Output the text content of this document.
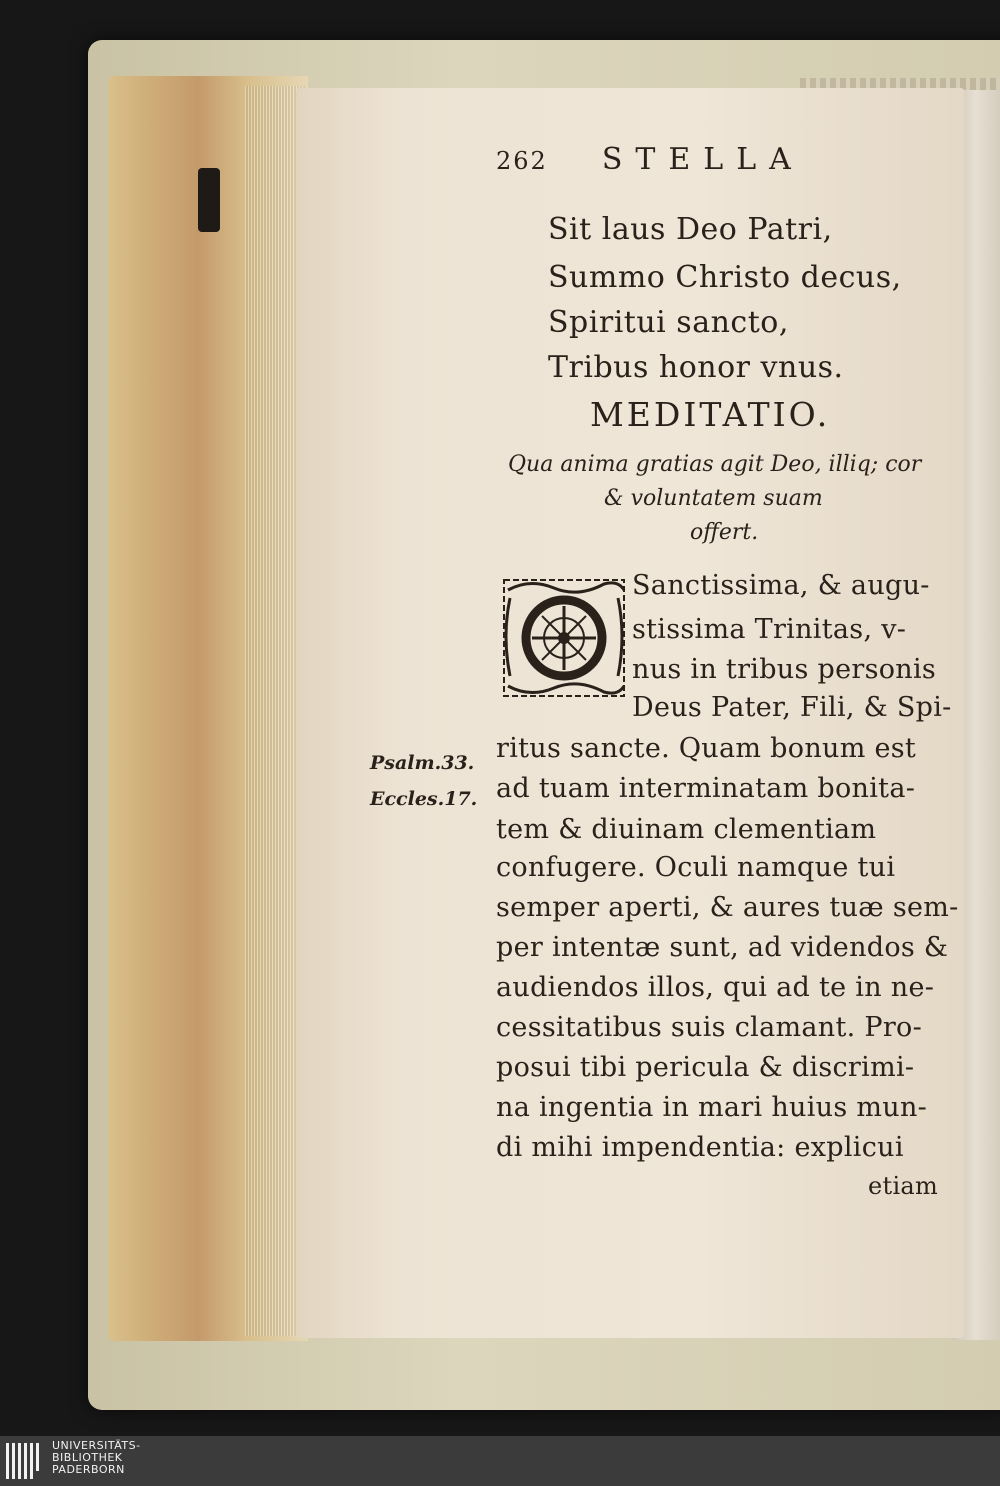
262 STELLA
Sit laus Deo Patri,
Summo Christo decus,
Spiritui sancto,
Tribus honor vnus.
MEDITATIO.
Qua anima gratias agit Deo, illiq; cor
& voluntatem suam
offert.
O
Sanctissima, & augu-
stissima Trinitas, v-
nus in tribus personis
Deus Pater, Fili, & Spi-
ritus sancte. Quam bonum est
ad tuam interminatam bonita-
tem & diuinam clementiam
confugere. Oculi namque tui
semper aperti, & aures tuæ sem-
per intentæ sunt, ad videndos &
audiendos illos, qui ad te in ne-
cessitatibus suis clamant. Pro-
posui tibi pericula & discrimi-
na ingentia in mari huius mun-
di mihi impendentia: explicui
etiam
Psalm.33.
Eccles.17.
UNIVERSITÄTS-
BIBLIOTHEK
PADERBORN
